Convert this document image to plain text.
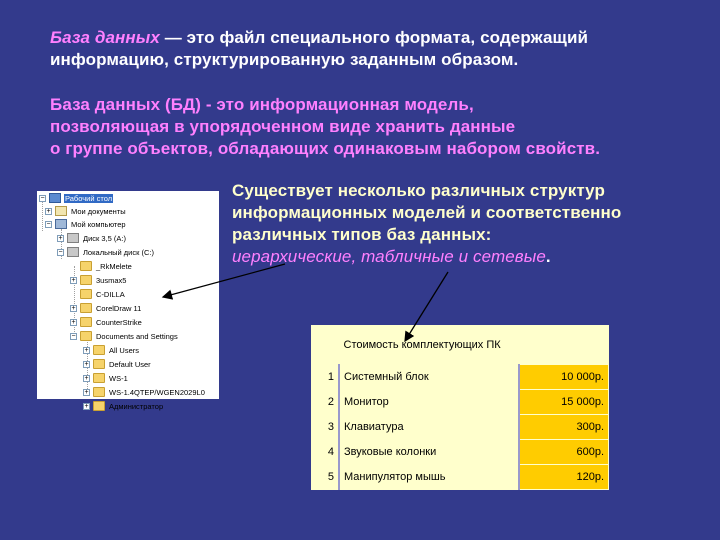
База данных — это файл специального формата, содержащий
информацию, структурированную заданным образом.

База данных (БД) - это информационная модель,
позволяющая в упорядоченном виде хранить данные
о группе объектов, обладающих одинаковым набором свойств.

Существует несколько различных структур
информационных моделей и соответственно
различных типов баз данных:
иерархические, табличные и сетевые.

−	Рабочий стол
+	Мои документы
−	Мой компьютер
+	Диск 3,5 (A:)
−	Локальный диск (C:)
_RkMelete
+	3usmax5
C-DILLA
+	CorelDraw 11
+	CounterStrike
−	Documents and Settings
+	All Users
+	Default User
+	WS-1
+	WS-1.4QTEP/WGEN2029L0
+	Администратор
	Стоимость комплектующих ПК	
1	Системный блок	10 000р.
2	Монитор	15 000р.
3	Клавиатура	300р.
4	Звуковые колонки	600р.
5	Манипулятор мышь	120р.
